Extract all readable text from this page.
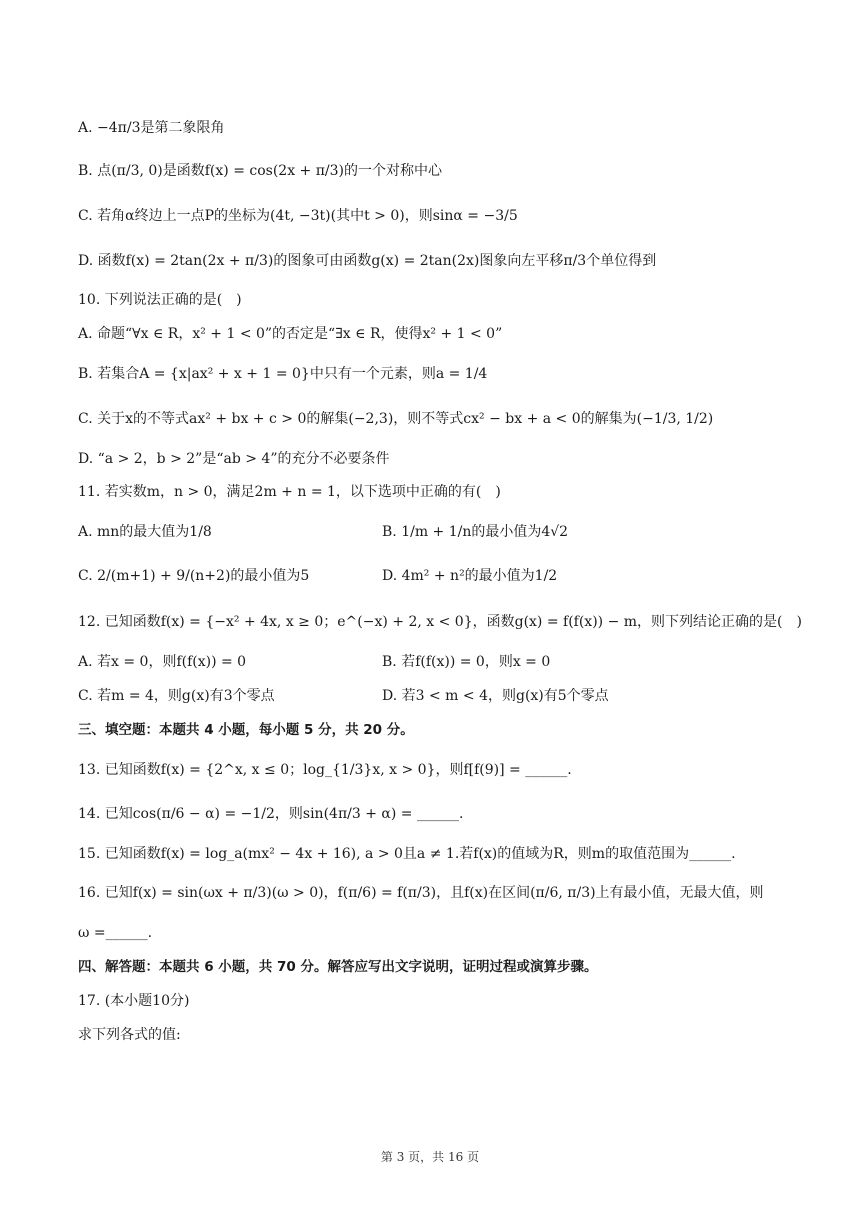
A. −4π/3是第二象限角
B. 点(π/3, 0)是函数f(x) = cos(2x + π/3)的一个对称中心
C. 若角α终边上一点P的坐标为(4t, −3t)(其中t > 0)，则sinα = −3/5
D. 函数f(x) = 2tan(2x + π/3)的图象可由函数g(x) = 2tan(2x)图象向左平移π/3个单位得到
10. 下列说法正确的是(　)
A. 命题“∀x ∈ R，x² + 1 < 0”的否定是“∃x ∈ R，使得x² + 1 < 0”
B. 若集合A = {x|ax² + x + 1 = 0}中只有一个元素，则a = 1/4
C. 关于x的不等式ax² + bx + c > 0的解集(−2,3)，则不等式cx² − bx + a < 0的解集为(−1/3, 1/2)
D. “a > 2，b > 2”是“ab > 4”的充分不必要条件
11. 若实数m，n > 0，满足2m + n = 1，以下选项中正确的有(　)
A. mn的最大值为1/8	B. 1/m + 1/n的最小值为4√2
C. 2/(m+1) + 9/(n+2)的最小值为5	D. 4m² + n²的最小值为1/2
12. 已知函数f(x) = {−x² + 4x, x ≥ 0；e^(−x) + 2, x < 0}，函数g(x) = f(f(x)) − m，则下列结论正确的是(　)
A. 若x = 0，则f(f(x)) = 0	B. 若f(f(x)) = 0，则x = 0
C. 若m = 4，则g(x)有3个零点	D. 若3 < m < 4，则g(x)有5个零点
三、填空题：本题共 4 小题，每小题 5 分，共 20 分。
13. 已知函数f(x) = {2^x, x ≤ 0；log_{1/3}x, x > 0}，则f[f(9)] = ______.
14. 已知cos(π/6 − α) = −1/2，则sin(4π/3 + α) = ______.
15. 已知函数f(x) = log_a(mx² − 4x + 16), a > 0且a ≠ 1.若f(x)的值域为R，则m的取值范围为______.
16. 已知f(x) = sin(ωx + π/3)(ω > 0)，f(π/6) = f(π/3)，且f(x)在区间(π/6, π/3)上有最小值，无最大值，则
ω =______.
四、解答题：本题共 6 小题，共 70 分。解答应写出文字说明，证明过程或演算步骤。
17. (本小题10分)
求下列各式的值:
第 3 页，共 16 页
